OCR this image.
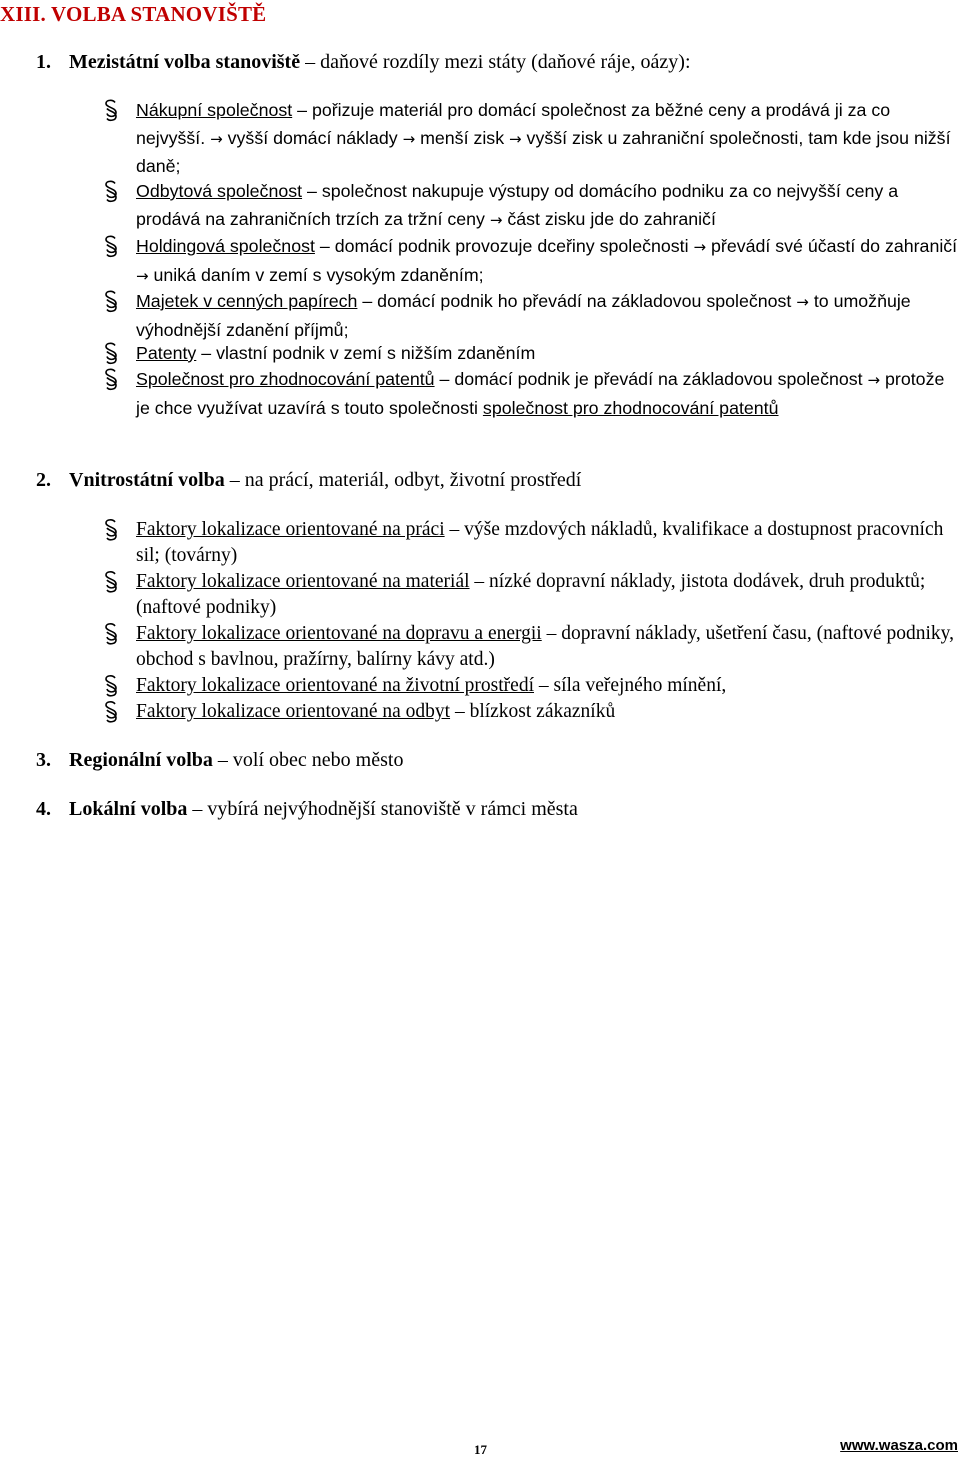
XIII. VOLBA STANOVIŠTĚ
1. Mezistátní volba stanoviště – daňové rozdíly mezi státy (daňové ráje, oázy):
Nákupní společnost – pořizuje materiál pro domácí společnost za běžné ceny a prodává ji za co nejvyšší. → vyšší domácí náklady → menší zisk → vyšší zisk u zahraniční společnosti, tam kde jsou nižší daně;
Odbytová společnost – společnost nakupuje výstupy od domácího podniku za co nejvyšší ceny a prodává na zahraničních trzích za tržní ceny → část zisku jde do zahraničí
Holdingová společnost – domácí podnik provozuje dceřiny společnosti → převádí své účastí do zahraničí → uniká daním v zemí s vysokým zdaněním;
Majetek v cenných papírech – domácí podnik ho převádí na základovou společnost → to umožňuje výhodnější zdanění příjmů;
Patenty – vlastní podnik v zemí s nižším zdaněním
Společnost pro zhodnocování patentů – domácí podnik je převádí na základovou společnost → protože je chce využívat uzavírá s touto společnosti společnost pro zhodnocování patentů
2. Vnitrostátní volba – na prácí, materiál, odbyt, životní prostředí
Faktory lokalizace orientované na práci – výše mzdových nákladů, kvalifikace a dostupnost pracovních sil; (továrny)
Faktory lokalizace orientované na materiál – nízké dopravní náklady, jistota dodávek, druh produktů; (naftové podniky)
Faktory lokalizace orientované na dopravu a energii – dopravní náklady, ušetření času, (naftové podniky, obchod s bavlnou, pražírny, balírny kávy atd.)
Faktory lokalizace orientované na životní prostředí – síla veřejného mínění,
Faktory lokalizace orientované na odbyt – blízkost zákazníků
3. Regionální volba – volí obec nebo město
4. Lokální volba – vybírá nejvýhodnější stanoviště v rámci města
17	www.wasza.com
